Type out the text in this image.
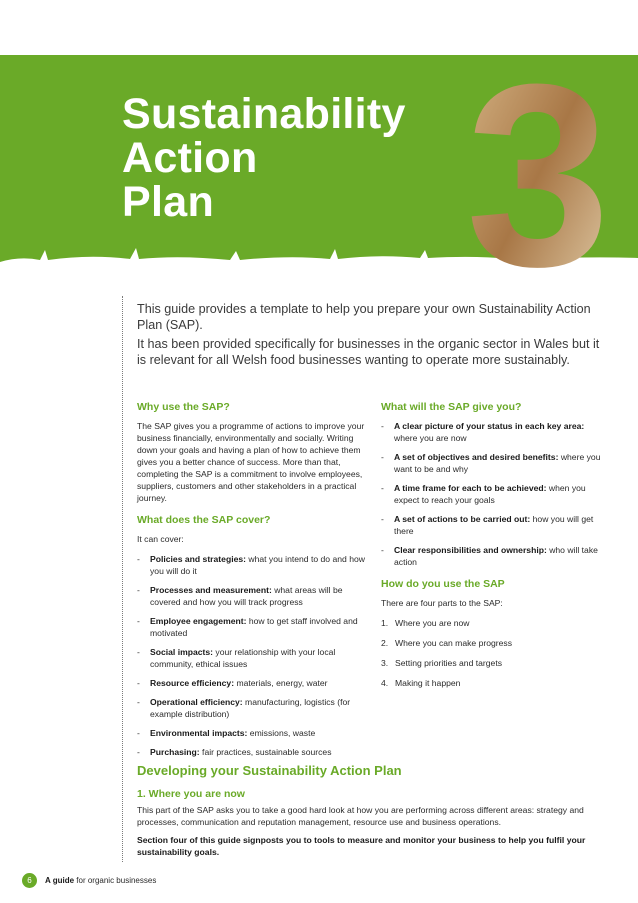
3
Sustainability
Action
Plan

This guide provides a template to help you prepare your own Sustainability Action Plan (SAP).

It has been provided specifically for businesses in the organic sector in Wales but it is relevant for all Welsh food businesses wanting to operate more sustainably.

Why use the SAP?

The SAP gives you a programme of actions to improve your business financially, environmentally and socially. Writing down your goals and having a plan of how to achieve them gives you a better chance of success. More than that, completing the SAP is a commitment to involve employees, suppliers, customers and other stakeholders in a practical journey.

What does the SAP cover?

It can cover:

- Policies and strategies: what you intend to do and how you will do it
- Processes and measurement: what areas will be covered and how you will track progress
- Employee engagement: how to get staff involved and motivated
- Social impacts: your relationship with your local community, ethical issues
- Resource efficiency: materials, energy, water
- Operational efficiency: manufacturing, logistics (for example distribution)
- Environmental impacts: emissions, waste
- Purchasing: fair practices, sustainable sources
What will the SAP give you?
- A clear picture of your status in each key area: where you are now
- A set of objectives and desired benefits: where you want to be and why
- A time frame for each to be achieved: when you expect to reach your goals
- A set of actions to be carried out: how you will get there
- Clear responsibilities and ownership: who will take action
How do you use the SAP

There are four parts to the SAP:

1. Where you are now
2. Where you can make progress
3. Setting priorities and targets
4. Making it happen
Developing your Sustainability Action Plan
1. Where you are now

This part of the SAP asks you to take a good hard look at how you are performing across different areas: strategy and processes, communication and reputation management, resource use and business operations.

Section four of this guide signposts you to tools to measure and monitor your business to help you fulfil your sustainability goals.

6	A guide for organic businesses
